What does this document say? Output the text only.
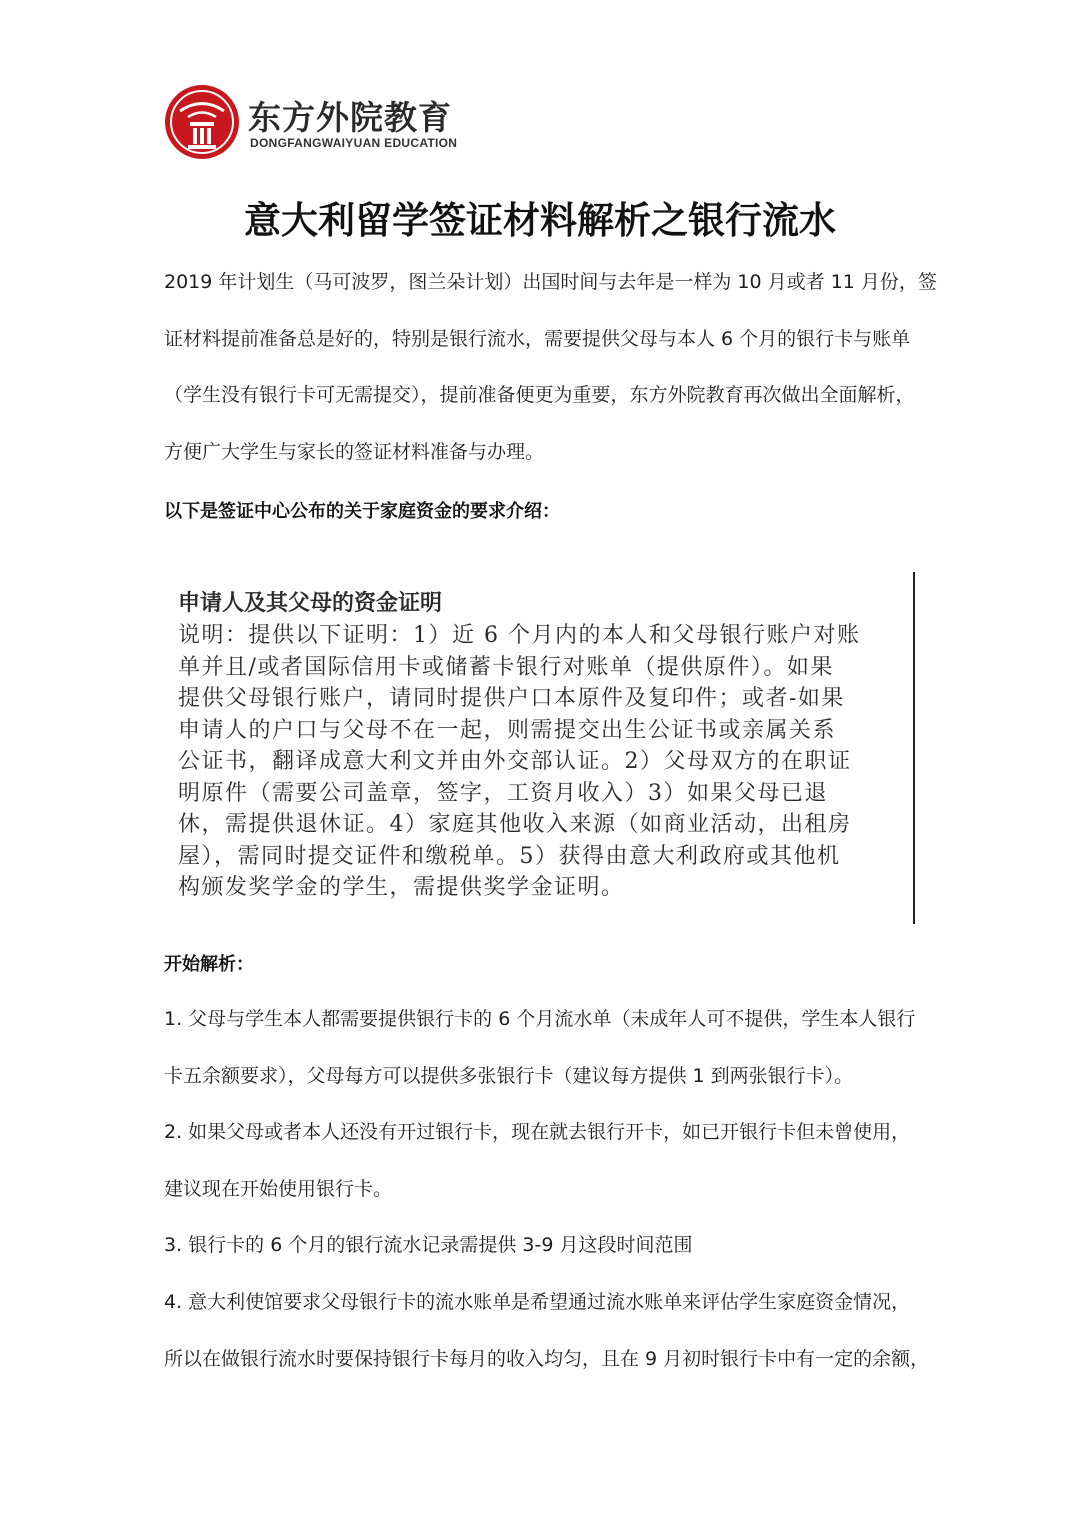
东方外院教育
DONGFANGWAIYUAN EDUCATION
意大利留学签证材料解析之银行流水
2019 年计划生（马可波罗，图兰朵计划）出国时间与去年是一样为 10 月或者 11 月份，签
证材料提前准备总是好的，特别是银行流水，需要提供父母与本人 6 个月的银行卡与账单
（学生没有银行卡可无需提交），提前准备便更为重要，东方外院教育再次做出全面解析，
方便广大学生与家长的签证材料准备与办理。
以下是签证中心公布的关于家庭资金的要求介绍：
申请人及其父母的资金证明
说明：提供以下证明：1）近 6 个月内的本人和父母银行账户对账
单并且/或者国际信用卡或储蓄卡银行对账单（提供原件）。如果
提供父母银行账户，请同时提供户口本原件及复印件；或者-如果
申请人的户口与父母不在一起，则需提交出生公证书或亲属关系
公证书，翻译成意大利文并由外交部认证。2）父母双方的在职证
明原件（需要公司盖章，签字，工资月收入）3）如果父母已退
休，需提供退休证。4）家庭其他收入来源（如商业活动，出租房
屋），需同时提交证件和缴税单。5）获得由意大利政府或其他机
构颁发奖学金的学生，需提供奖学金证明。
开始解析：
1. 父母与学生本人都需要提供银行卡的 6 个月流水单（未成年人可不提供，学生本人银行
卡五余额要求），父母每方可以提供多张银行卡（建议每方提供 1 到两张银行卡）。
2. 如果父母或者本人还没有开过银行卡，现在就去银行开卡，如已开银行卡但未曾使用，
建议现在开始使用银行卡。
3. 银行卡的 6 个月的银行流水记录需提供 3-9 月这段时间范围
4. 意大利使馆要求父母银行卡的流水账单是希望通过流水账单来评估学生家庭资金情况，
所以在做银行流水时要保持银行卡每月的收入均匀，且在 9 月初时银行卡中有一定的余额，
